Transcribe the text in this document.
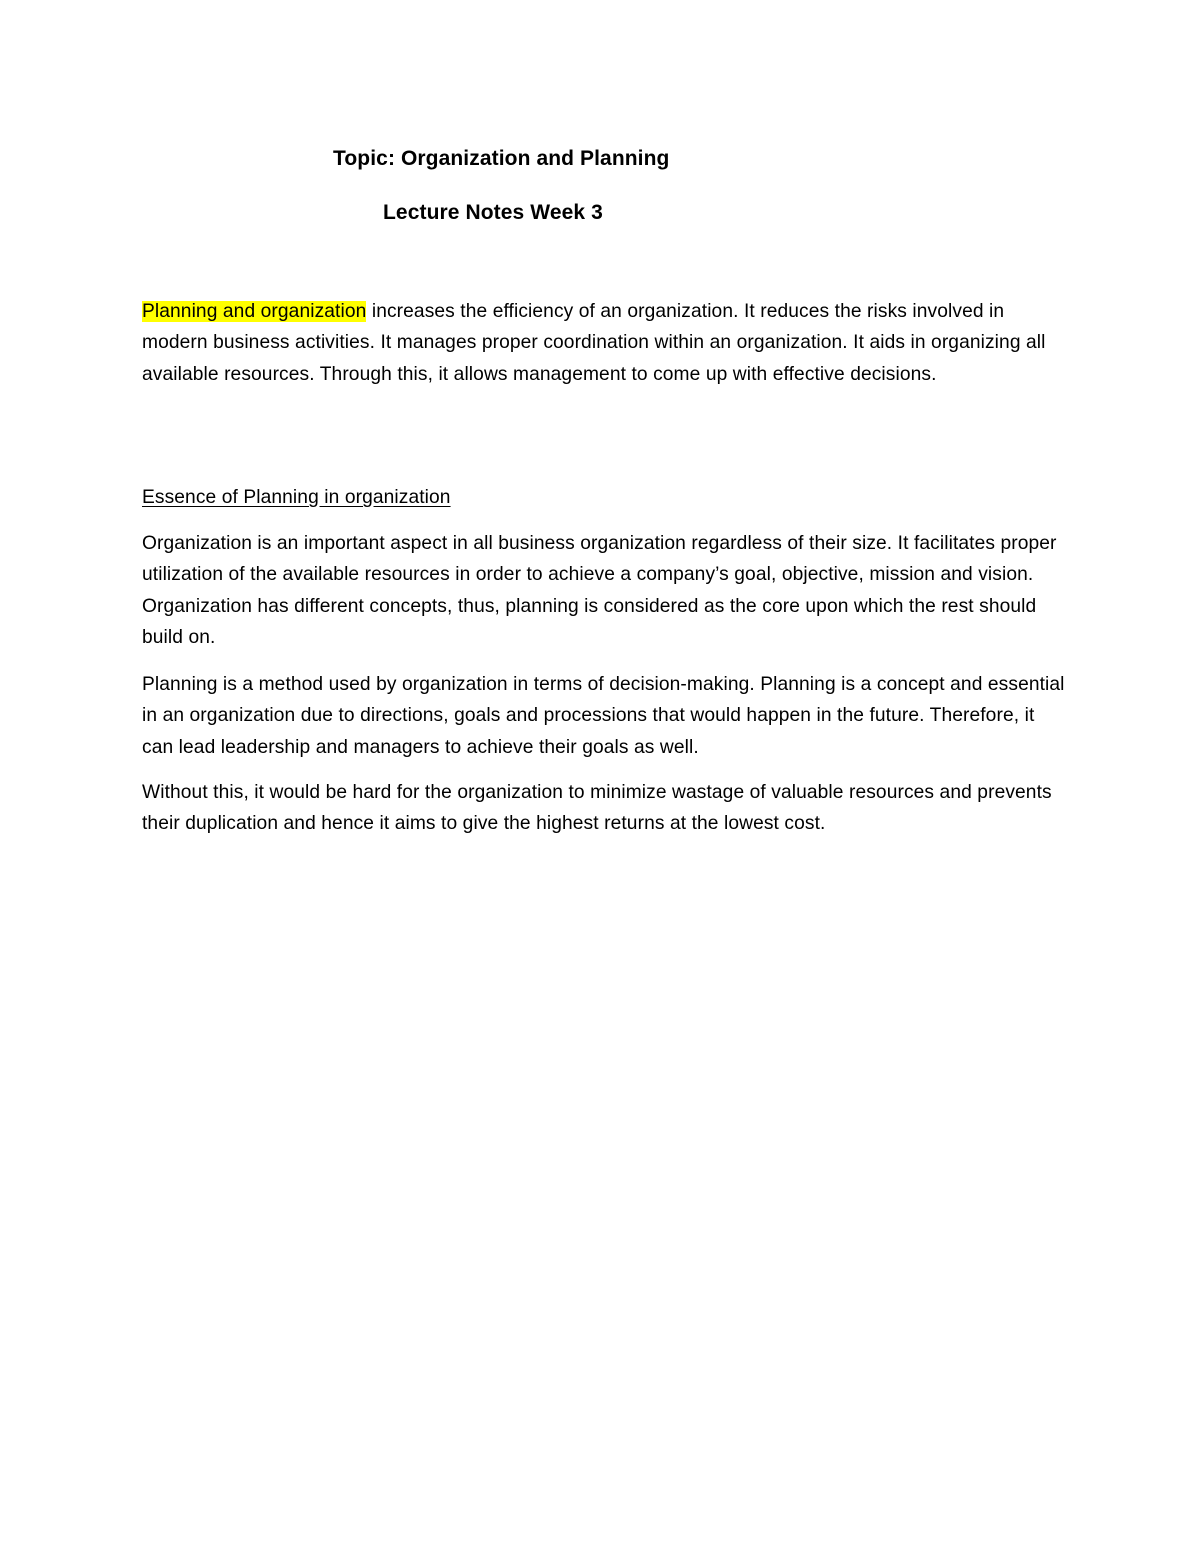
Topic: Organization and Planning
Lecture Notes Week 3
Planning and organization increases the efficiency of an organization. It reduces the risks involved in modern business activities. It manages proper coordination within an organization. It aids in organizing all available resources. Through this, it allows management to come up with effective decisions.
Essence of Planning in organization
Organization is an important aspect in all business organization regardless of their size. It facilitates proper utilization of the available resources in order to achieve a company’s goal, objective, mission and vision. Organization has different concepts, thus, planning is considered as the core upon which the rest should build on.
Planning is a method used by organization in terms of decision-making. Planning is a concept and essential in an organization due to directions, goals and processions that would happen in the future. Therefore, it can lead leadership and managers to achieve their goals as well.
Without this, it would be hard for the organization to minimize wastage of valuable resources and prevents their duplication and hence it aims to give the highest returns at the lowest cost.
